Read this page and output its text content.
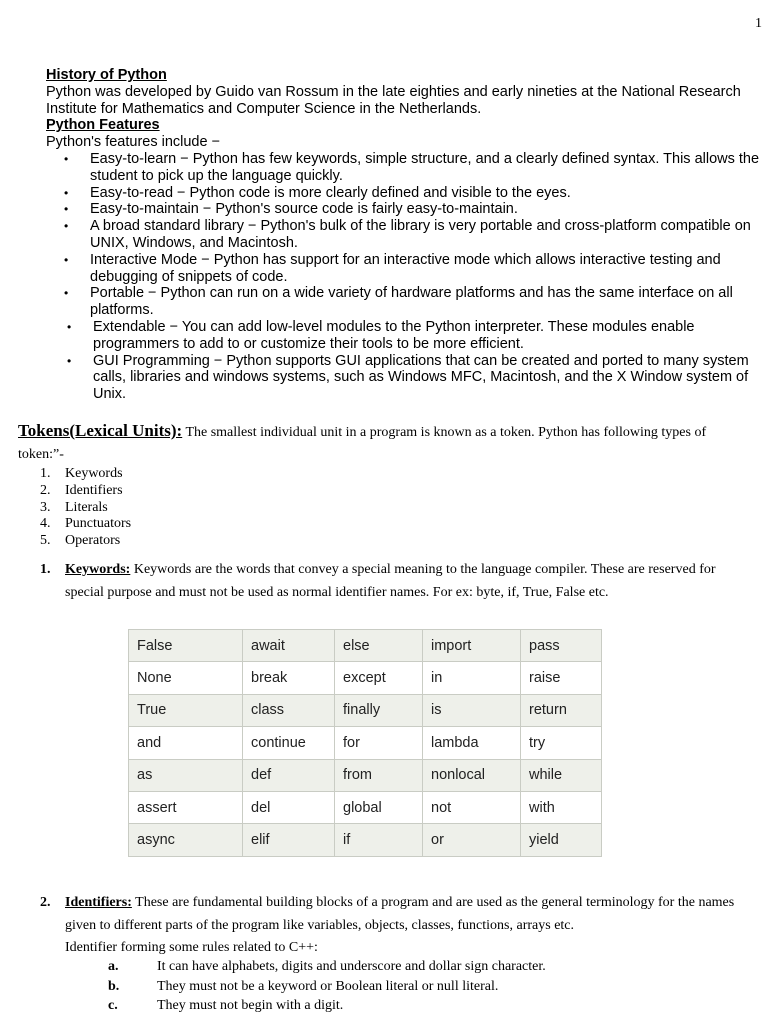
1
History of Python

Python was developed by Guido van Rossum in the late eighties and early nineties at the National Research Institute for Mathematics and Computer Science in the Netherlands.

Python Features

Python's features include −

• Easy-to-learn − Python has few keywords, simple structure, and a clearly defined syntax. This allows the student to pick up the language quickly.
• Easy-to-read − Python code is more clearly defined and visible to the eyes.
• Easy-to-maintain − Python's source code is fairly easy-to-maintain.
• A broad standard library − Python's bulk of the library is very portable and cross-platform compatible on UNIX, Windows, and Macintosh.
• Interactive Mode − Python has support for an interactive mode which allows interactive testing and debugging of snippets of code.
• Portable − Python can run on a wide variety of hardware platforms and has the same interface on all platforms.
• Extendable − You can add low-level modules to the Python interpreter. These modules enable programmers to add to or customize their tools to be more efficient.
• GUI Programming − Python supports GUI applications that can be created and ported to many system calls, libraries and windows systems, such as Windows MFC, Macintosh, and the X Window system of Unix.

Tokens(Lexical Units): The smallest individual unit in a program is known as a token. Python has following types of token:”-

1. Keywords
2. Identifiers
3. Literals
4. Punctuators
5. Operators
1. Keywords: Keywords are the words that convey a special meaning to the language compiler. These are reserved for special purpose and must not be used as normal identifier names. For ex: byte, if, True, False etc.
False	await	else	import	pass
None	break	except	in	raise
True	class	finally	is	return
and	continue	for	lambda	try
as	def	from	nonlocal	while
assert	del	global	not	with
async	elif	if	or	yield
2. Identifiers: These are fundamental building blocks of a program and are used as the general terminology for the names given to different parts of the program like variables, objects, classes, functions, arrays etc.
Identifier forming some rules related to C++:
a.	It can have alphabets, digits and underscore and dollar sign character.
b.	They must not be a keyword or Boolean literal or null literal.
c.	They must not begin with a digit.
